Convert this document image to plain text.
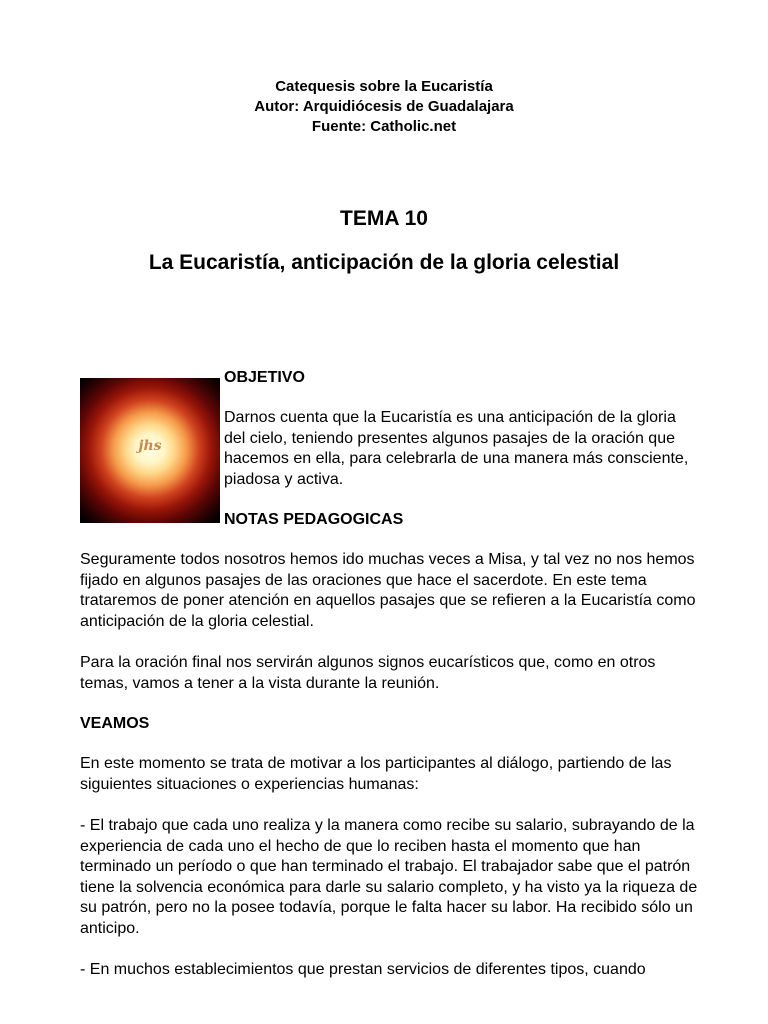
Catequesis sobre la Eucaristía
Autor: Arquidiócesis de Guadalajara
Fuente: Catholic.net
TEMA 10
La Eucaristía, anticipación de la gloria celestial
jhs

OBJETIVO

Darnos cuenta que la Eucaristía es una anticipación de la gloria del cielo, teniendo presentes algunos pasajes de la oración que hacemos en ella, para celebrarla de una manera más consciente, piadosa y activa.

NOTAS PEDAGOGICAS

Seguramente todos nosotros hemos ido muchas veces a Misa, y tal vez no nos hemos fijado en algunos pasajes de las oraciones que hace el sacerdote. En este tema trataremos de poner atención en aquellos pasajes que se refieren a la Eucaristía como anticipación de la gloria celestial.

Para la oración final nos servirán algunos signos eucarísticos que, como en otros temas, vamos a tener a la vista durante la reunión.

VEAMOS

En este momento se trata de motivar a los participantes al diálogo, partiendo de las siguientes situaciones o experiencias humanas:

- El trabajo que cada uno realiza y la manera como recibe su salario, subrayando de la experiencia de cada uno el hecho de que lo reciben hasta el momento que han terminado un período o que han terminado el trabajo. El trabajador sabe que el patrón tiene la solvencia económica para darle su salario completo, y ha visto ya la riqueza de su patrón, pero no la posee todavía, porque le falta hacer su labor. Ha recibido sólo un anticipo.

- En muchos establecimientos que prestan servicios de diferentes tipos, cuando
